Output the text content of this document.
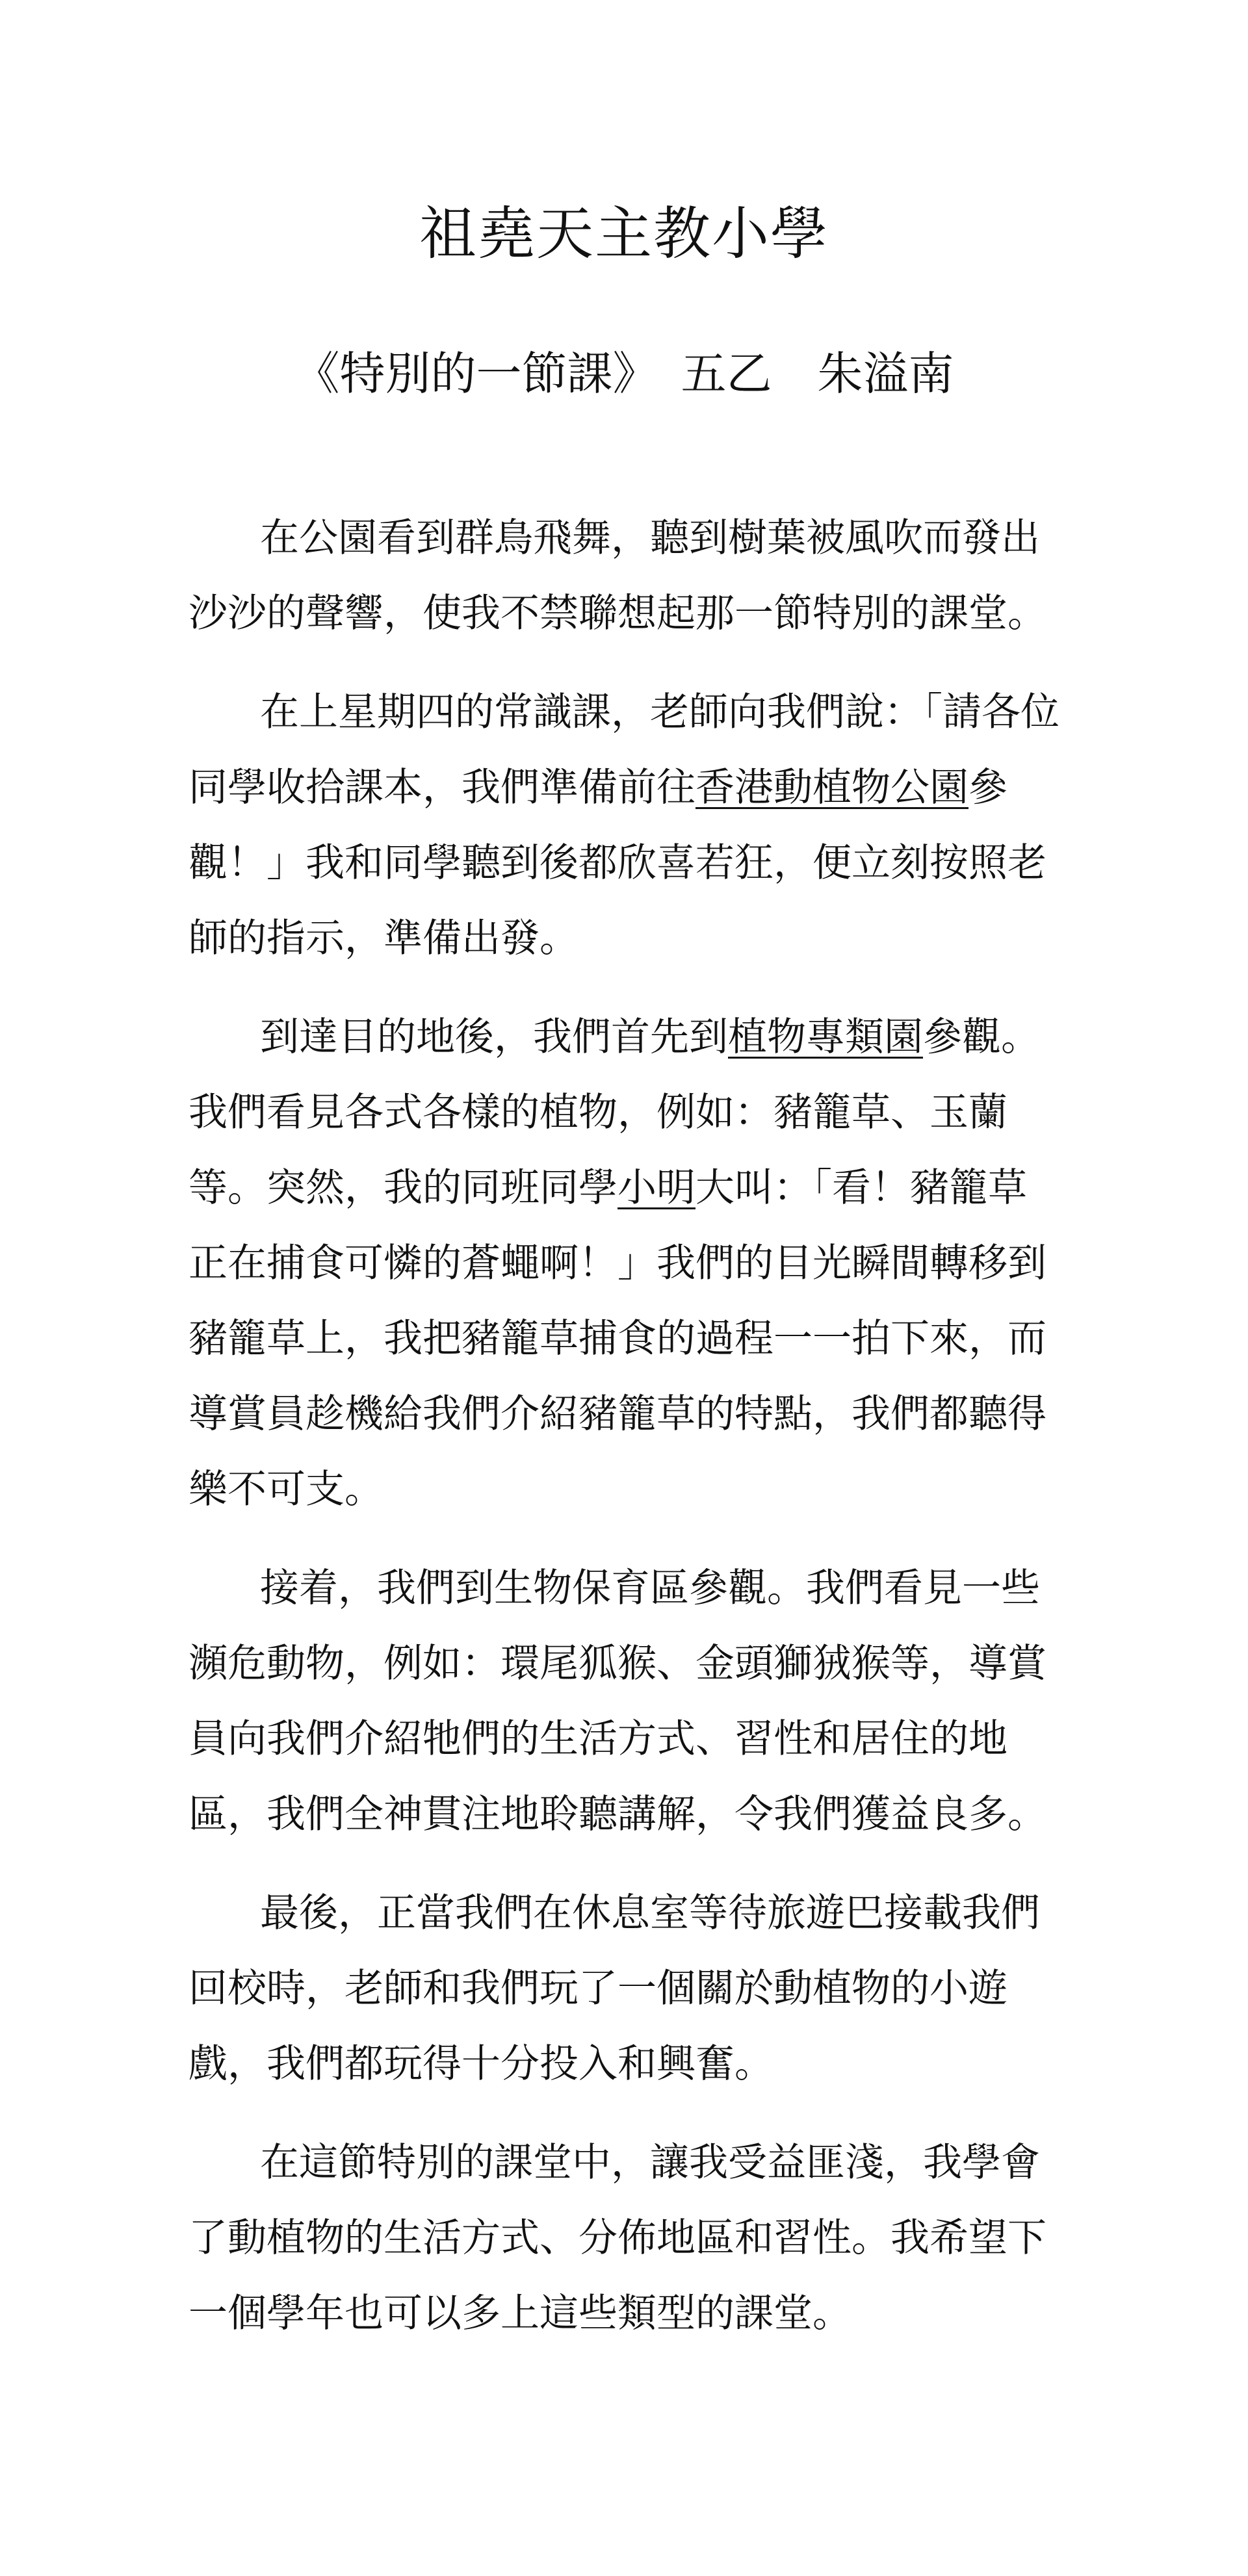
祖堯天主教小學
《特別的一節課》　五乙　朱溢南

在公園看到群鳥飛舞，聽到樹葉被風吹而發出沙沙的聲響，使我不禁聯想起那一節特別的課堂。

在上星期四的常識課，老師向我們說：「請各位同學收拾課本，我們準備前往香港動植物公園參觀！」我和同學聽到後都欣喜若狂，便立刻按照老師的指示，準備出發。

到達目的地後，我們首先到植物專類園參觀。我們看見各式各樣的植物，例如：豬籠草、玉蘭等。突然，我的同班同學小明大叫：「看！豬籠草正在捕食可憐的蒼蠅啊！」我們的目光瞬間轉移到豬籠草上，我把豬籠草捕食的過程一一拍下來，而導賞員趁機給我們介紹豬籠草的特點，我們都聽得樂不可支。

接着，我們到生物保育區參觀。我們看見一些瀕危動物，例如：環尾狐猴、金頭獅狨猴等，導賞員向我們介紹牠們的生活方式、習性和居住的地區，我們全神貫注地聆聽講解，令我們獲益良多。

最後，正當我們在休息室等待旅遊巴接載我們回校時，老師和我們玩了一個關於動植物的小遊戲，我們都玩得十分投入和興奮。

在這節特別的課堂中，讓我受益匪淺，我學會了動植物的生活方式、分佈地區和習性。我希望下一個學年也可以多上這些類型的課堂。
